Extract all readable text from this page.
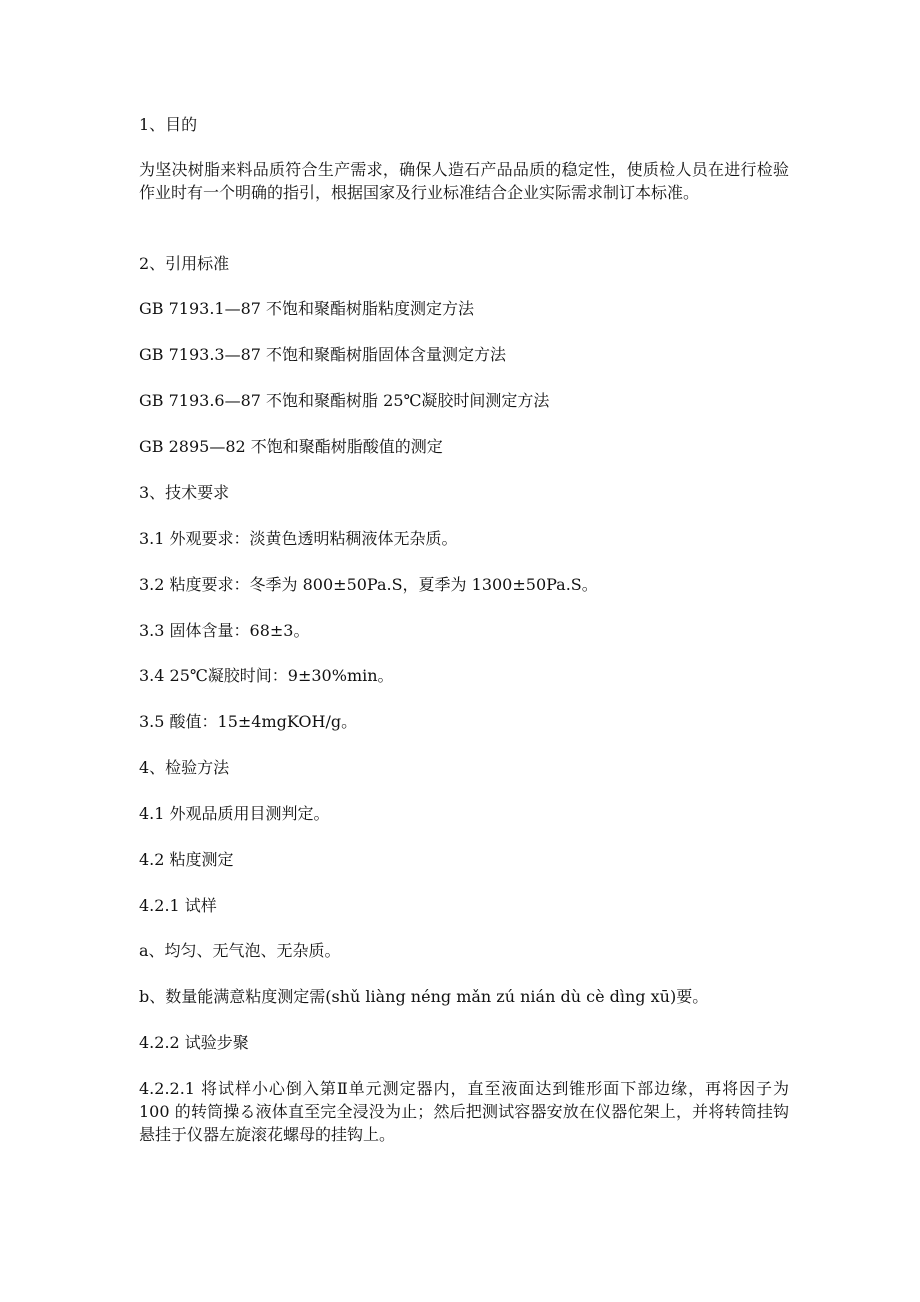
1、目的

为坚决树脂来料品质符合生产需求，确保人造石产品品质的稳定性，使质检人员在进行检验作业时有一个明确的指引，根据国家及行业标准结合企业实际需求制订本标准。

2、引用标准

GB 7193.1—87 不饱和聚酯树脂粘度测定方法

GB 7193.3—87 不饱和聚酯树脂固体含量测定方法

GB 7193.6—87 不饱和聚酯树脂 25℃凝胶时间测定方法

GB 2895—82 不饱和聚酯树脂酸值的测定

3、技术要求

3.1 外观要求：淡黄色透明粘稠液体无杂质。

3.2 粘度要求：冬季为 800±50Pa.S，夏季为 1300±50Pa.S。

3.3 固体含量：68±3。

3.4 25℃凝胶时间：9±30%min。

3.5 酸值：15±4mgKOH/g。

4、检验方法

4.1 外观品质用目测判定。

4.2 粘度测定

4.2.1 试样

a、均匀、无气泡、无杂质。

b、数量能满意粘度测定需(shǔ liàng néng mǎn zú nián dù cè dìng xū)要。

4.2.2 试验步聚

4.2.2.1 将试样小心倒入第Ⅱ单元测定器内，直至液面达到锥形面下部边缘，再将因子为 100 的转筒操る液体直至完全浸没为止；然后把测试容器安放在仪器佗架上，并将转筒挂钩悬挂于仪器左旋滚花螺母的挂钩上。
